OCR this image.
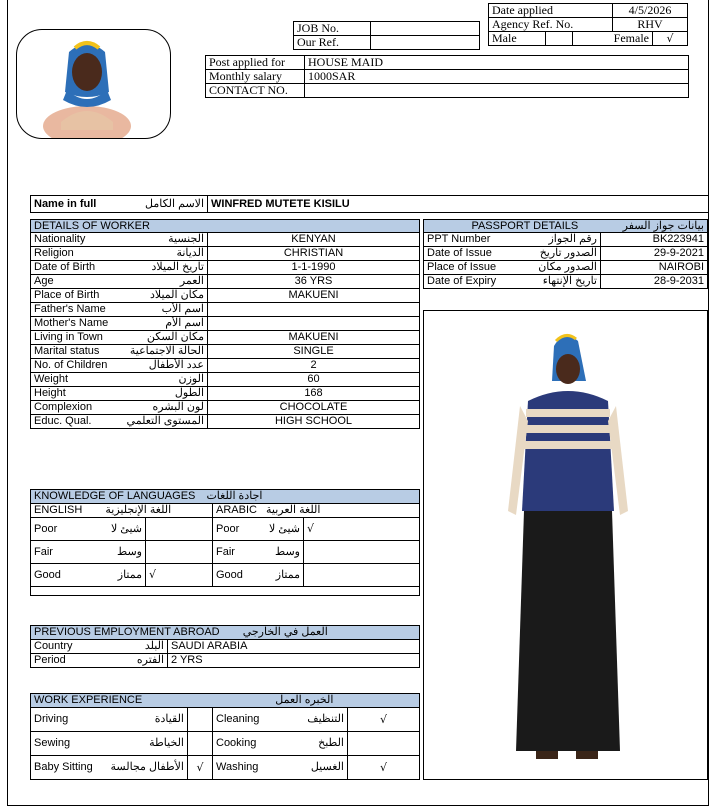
JOB No.	
Our Ref.	
Date applied			4/5/2026	
Agency Ref. No.			RHV	
Male		Female		√
Post applied for	HOUSE MAID
Monthly salary	1000SAR
CONTACT NO.	
Name in full	الاسم الكامل	WINFRED MUTETE KISILU
DETAILS OF WORKER	
Nationality الجنسية	KENYAN
Religion الديانة	CHRISTIAN
Date of Birth تاريخ الميلاد	1-1-1990
Age العمر	36 YRS
Place of Birth مكان الميلاد	MAKUENI
Father's Name اسم الأب	

Mother's Name اسم الأم	

Living in Town مكان السكن	MAKUENI
Marital status الحالة الاجتماعية	SINGLE
No. of Children عدد الأطفال	2
Weight الوزن	60
Height الطول	168
Complexion لون البشره	CHOCOLATE
Educ. Qual. المستوى التعلمي	HIGH SCHOOL
PASSPORT DETAILS بيانات جواز السفر	

PPT Number رقم الجواز	BK223941
Date of Issue الصدور تاريخ	29-9-2021
Place of Issue الصدور مكان	NAIROBI
Date of Expiry تاريخ الإنتهاء	28-9-2031
KNOWLEDGE OF LANGUAGES اجادة اللغات			
ENGLISH اللغة الإنجليزية		ARABIC اللغة العربية	
Poor شيئ لا		Poor شيئ لا	√
Fair وسط		Fair وسط	

Good ممتاز	√	Good ممتاز	

PREVIOUS EMPLOYMENT ABROAD العمل في الخارجي	
Country البلد	SAUDI ARABIA
Period الفتره	2 YRS
WORK EXPERIENCE الخبره العمل			
Driving القيادة		Cleaning التنظيف	√
Sewing الخياطة		Cooking الطبخ	

Baby Sitting الأطفال مجالسة	√	Washing الغسيل	√
